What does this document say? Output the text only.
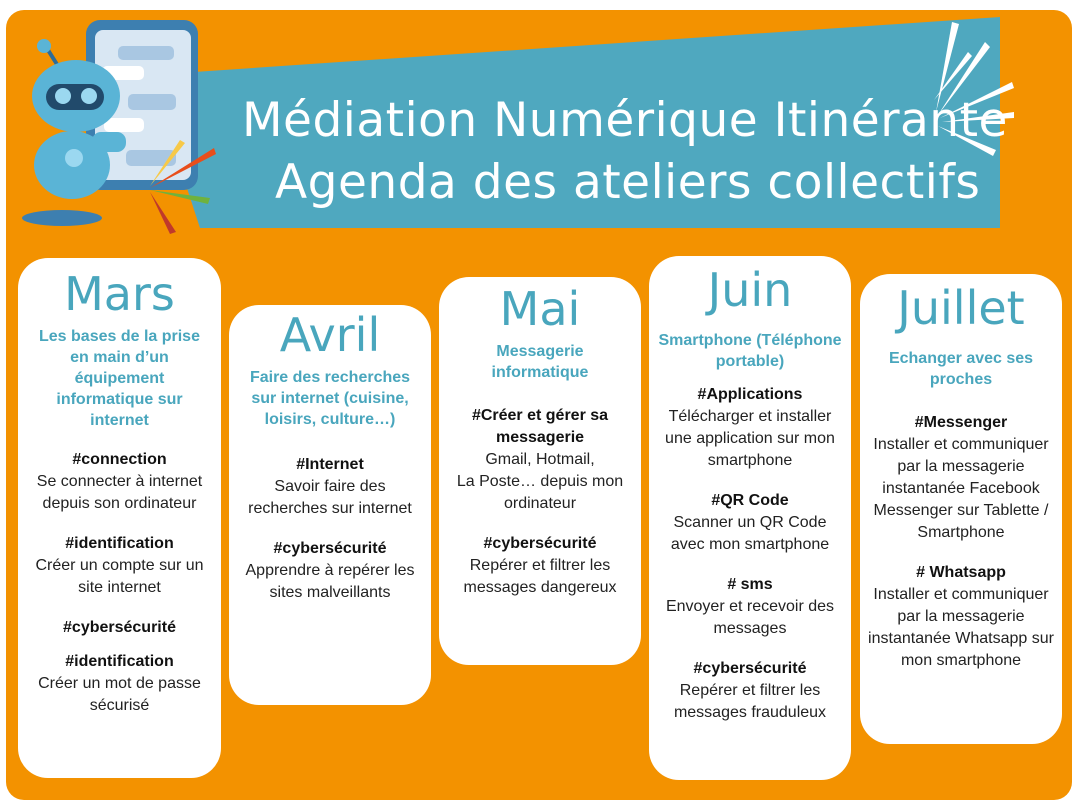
Médiation Numérique Itinérante
Agenda des ateliers collectifs
Mars
Les bases de la prise en main d’un équipement informatique sur internet
#connection
Se connecter à internet depuis son ordinateur
#identification
Créer un compte sur un site internet
#cybersécurité
#identification
Créer un mot de passe sécurisé
Avril
Faire des recherches sur internet (cuisine, loisirs, culture…)
#Internet
Savoir faire des recherches sur internet
#cybersécurité
Apprendre à repérer les sites malveillants
Mai
Messagerie informatique
#Créer et gérer sa messagerie
Gmail, Hotmail,
La Poste… depuis mon ordinateur
#cybersécurité
Repérer et filtrer les messages dangereux
Juin
Smartphone (Téléphone portable)
#Applications
Télécharger et installer une application sur mon smartphone
#QR Code
Scanner un QR Code avec mon smartphone
# sms
Envoyer et recevoir des messages
#cybersécurité
Repérer et filtrer les messages frauduleux
Juillet
Echanger avec ses proches
#Messenger
Installer et communiquer par la messagerie instantanée Facebook Messenger sur Tablette / Smartphone
# Whatsapp
Installer et communiquer par la messagerie instantanée Whatsapp sur mon smartphone
